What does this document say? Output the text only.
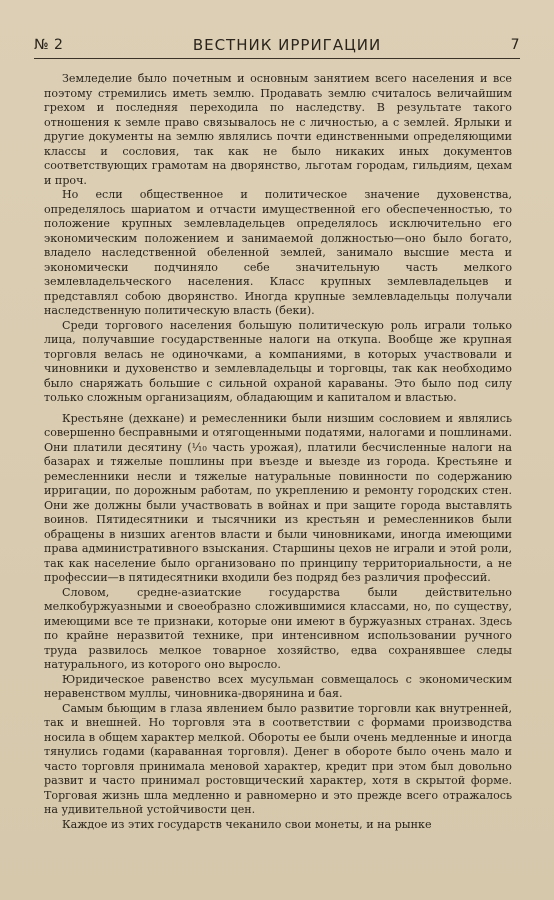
№ 2	ВЕСТНИК ИРРИГАЦИИ	7

Земледелие было почетным и основным занятием всего населения и все поэтому стремились иметь землю. Продавать землю считалось величайшим грехом и последняя переходила по наследству. В результате такого отношения к земле право связывалось не с личностью, а с землей. Ярлыки и другие документы на землю являлись почти единственными определяющими классы и сословия, так как не было никаких иных документов соответствующих грамотам на дворянство, льготам городам, гильдиям, цехам и проч.

Но если общественное и политическое значение духовенства, определялось шариатом и отчасти имущественной его обеспеченностью, то положение крупных землевладельцев определялось исключительно его экономическим положением и занимаемой должностью—оно было богато, владело наследственной обеленной землей, занимало высшие места и экономически подчиняло себе значительную часть мелкого землевладельческого населения. Класс крупных землевладельцев и представлял собою дворянство. Иногда крупные землевладельцы получали наследственную политическую власть (беки).

Среди торгового населения большую политическую роль играли только лица, получавшие государственные налоги на откупа. Вообще же крупная торговля велась не одиночками, а компаниями, в которых участвовали и чиновники и духовенство и землевладельцы и торговцы, так как необходимо было снаряжать большие с сильной охраной караваны. Это было под силу только сложным организациям, обладающим и капиталом и властью.

Крестьяне (дехкане) и ремесленники были низшим сословием и являлись совершенно бесправными и отягощенными податями, налогами и пошлинами. Они платили десятину (¹⁄₁₀ часть урожая), платили бесчисленные налоги на базарах и тяжелые пошлины при въезде и выезде из города. Крестьяне и ремесленники несли и тяжелые натуральные повинности по содержанию ирригации, по дорожным работам, по укреплению и ремонту городских стен. Они же должны были участвовать в войнах и при защите города выставлять воинов. Пятидесятники и тысячники из крестьян и ремесленников были обращены в низших агентов власти и были чиновниками, иногда имеющими права административного взыскания. Старшины цехов не играли и этой роли, так как население было организовано по принципу территориальности, а не профессии—в пятидесятники входили без подряд без различия профессий.

Словом, средне-азиатские государства были действительно мелкобуржуазными и своеобразно сложившимися классами, но, по существу, имеющими все те признаки, которые они имеют в буржуазных странах. Здесь по крайне неразвитой технике, при интенсивном использовании ручного труда развилось мелкое товарное хозяйство, едва сохранявшее следы натурального, из которого оно выросло.

Юридическое равенство всех мусульман совмещалось с экономическим неравенством муллы, чиновника-дворянина и бая.

Самым бьющим в глаза явлением было развитие торговли как внутренней, так и внешней. Но торговля эта в соответствии с формами производства носила в общем характер мелкой. Обороты ее были очень медленные и иногда тянулись годами (караванная торговля). Денег в обороте было очень мало и часто торговля принимала меновой характер, кредит при этом был довольно развит и часто принимал ростовщический характер, хотя в скрытой форме. Торговая жизнь шла медленно и равномерно и это прежде всего отражалось на удивительной устойчивости цен.

Каждое из этих государств чеканило свои монеты, и на рынке
